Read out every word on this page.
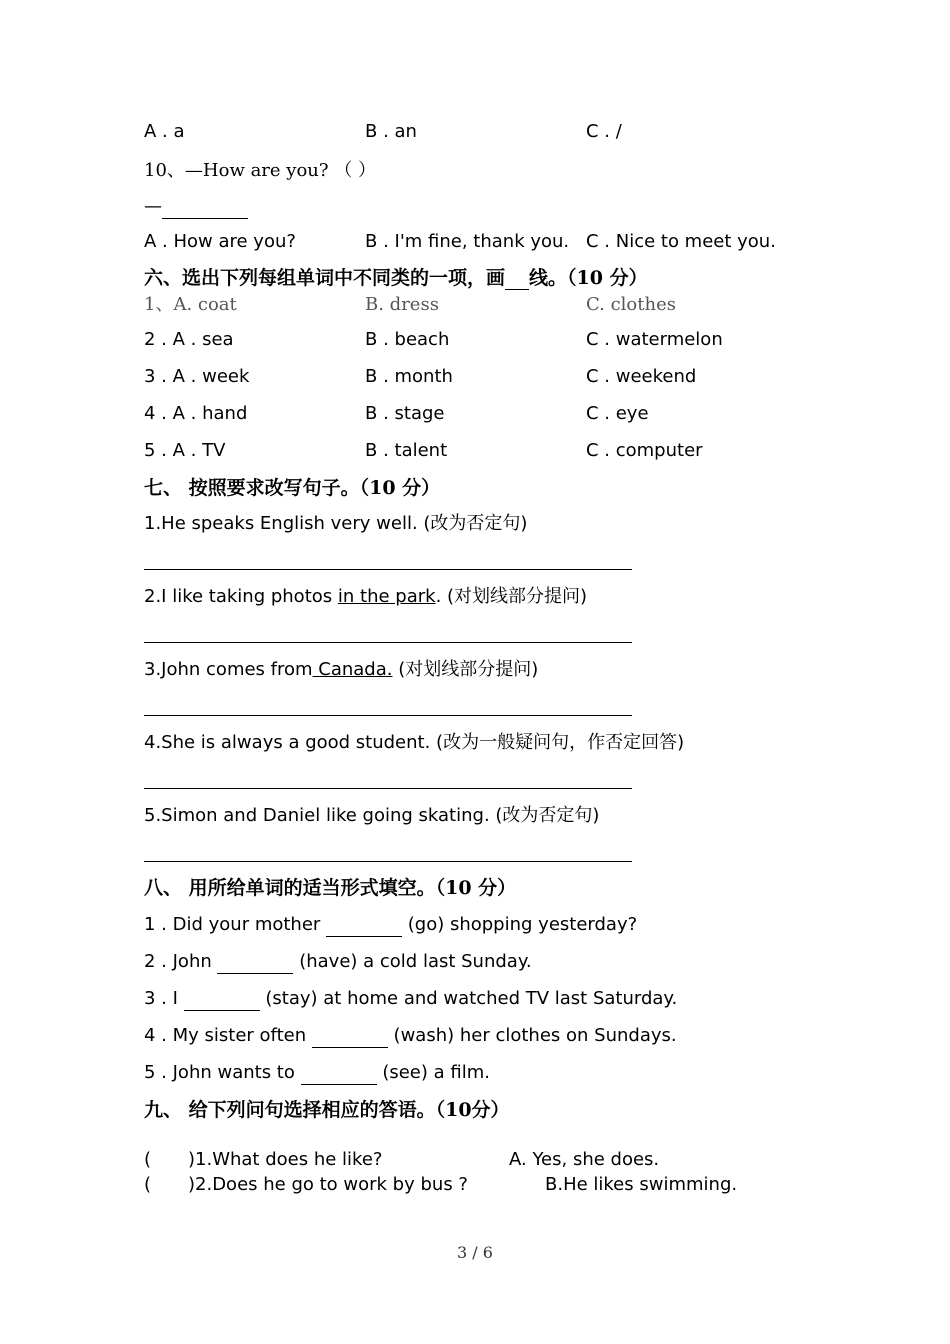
A . a	B . an	C . /
10、—How are you? （ ）
—
A . How are you?	B . I'm fine, thank you. C . Nice to meet you.
六、选出下列每组单词中不同类的一项，画 线。（10 分）
1、A. coat	B. dress	C. clothes
2 . A . sea	B . beach	C . watermelon
3 . A . week	B . month	C . weekend
4 . A . hand	B . stage	C . eye
5 . A . TV	B . talent	C . computer
七、 按照要求改写句子。（10 分）
1.He speaks English very well. (改为否定句)
2.I like taking photos in the park. (对划线部分提问)
3.John comes from Canada. (对划线部分提问)
4.She is always a good student. (改为一般疑问句，作否定回答)
5.Simon and Daniel like going skating. (改为否定句)
八、 用所给单词的适当形式填空。（10 分）
1 . Did your mother	(go) shopping yesterday?
2 . John	(have) a cold last Sunday.
3 . I	(stay) at home and watched TV last Saturday.
4 . My sister often	(wash) her clothes on Sundays.
5 . John wants to	(see) a film.
九、 给下列问句选择相应的答语。（10分）
( )1.What does he like?	A. Yes, she does.
( )2.Does he go to work by bus ?	B.He likes swimming.
3 / 6
